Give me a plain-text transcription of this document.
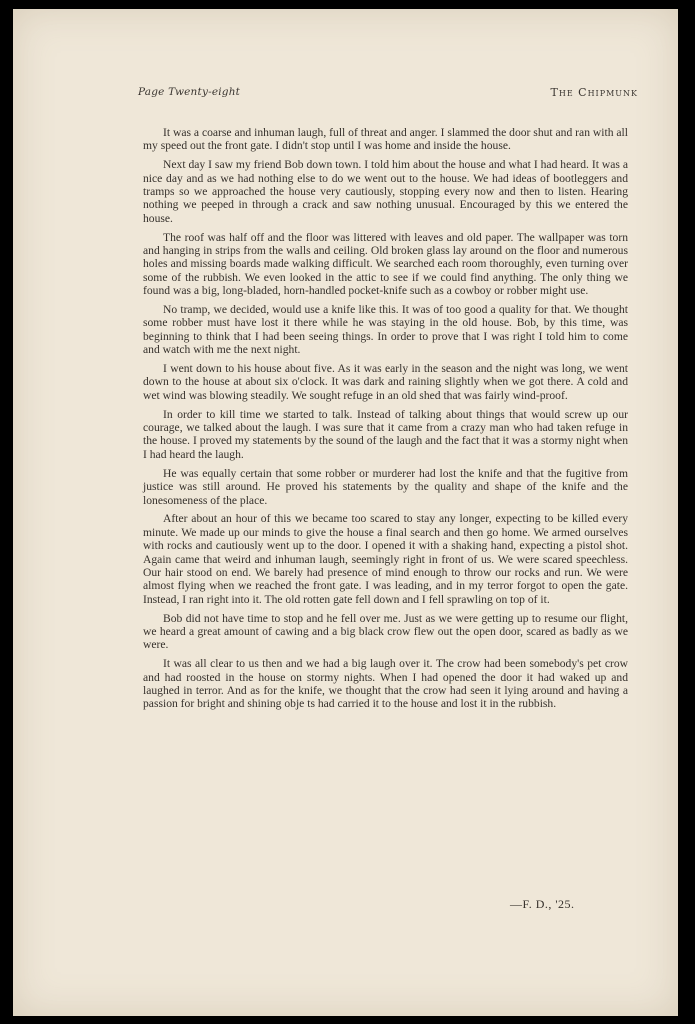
Page Twenty-eight	The Chipmunk

It was a coarse and inhuman laugh, full of threat and anger. I slammed the door shut and ran with all my speed out the front gate. I didn't stop until I was home and inside the house.

Next day I saw my friend Bob down town. I told him about the house and what I had heard. It was a nice day and as we had nothing else to do we went out to the house. We had ideas of bootleggers and tramps so we approached the house very cautiously, stopping every now and then to listen. Hearing nothing we peeped in through a crack and saw nothing unusual. Encouraged by this we entered the house.

The roof was half off and the floor was littered with leaves and old paper. The wallpaper was torn and hanging in strips from the walls and ceiling. Old broken glass lay around on the floor and numerous holes and missing boards made walking difficult. We searched each room thoroughly, even turning over some of the rubbish. We even looked in the attic to see if we could find anything. The only thing we found was a big, long-bladed, horn-handled pocket-knife such as a cowboy or robber might use.

No tramp, we decided, would use a knife like this. It was of too good a quality for that. We thought some robber must have lost it there while he was staying in the old house. Bob, by this time, was beginning to think that I had been seeing things. In order to prove that I was right I told him to come and watch with me the next night.

I went down to his house about five. As it was early in the season and the night was long, we went down to the house at about six o'clock. It was dark and raining slightly when we got there. A cold and wet wind was blowing steadily. We sought refuge in an old shed that was fairly wind-proof.

In order to kill time we started to talk. Instead of talking about things that would screw up our courage, we talked about the laugh. I was sure that it came from a crazy man who had taken refuge in the house. I proved my statements by the sound of the laugh and the fact that it was a stormy night when I had heard the laugh.

He was equally certain that some robber or murderer had lost the knife and that the fugitive from justice was still around. He proved his statements by the quality and shape of the knife and the lonesomeness of the place.

After about an hour of this we became too scared to stay any longer, expecting to be killed every minute. We made up our minds to give the house a final search and then go home. We armed ourselves with rocks and cautiously went up to the door. I opened it with a shaking hand, expecting a pistol shot. Again came that weird and inhuman laugh, seemingly right in front of us. We were scared speechless. Our hair stood on end. We barely had presence of mind enough to throw our rocks and run. We were almost flying when we reached the front gate. I was leading, and in my terror forgot to open the gate. Instead, I ran right into it. The old rotten gate fell down and I fell sprawling on top of it.

Bob did not have time to stop and he fell over me. Just as we were getting up to resume our flight, we heard a great amount of cawing and a big black crow flew out the open door, scared as badly as we were.

It was all clear to us then and we had a big laugh over it. The crow had been somebody's pet crow and had roosted in the house on stormy nights. When I had opened the door it had waked up and laughed in terror. And as for the knife, we thought that the crow had seen it lying around and having a passion for bright and shining obje ts had carried it to the house and lost it in the rubbish.

—F. D., '25.
